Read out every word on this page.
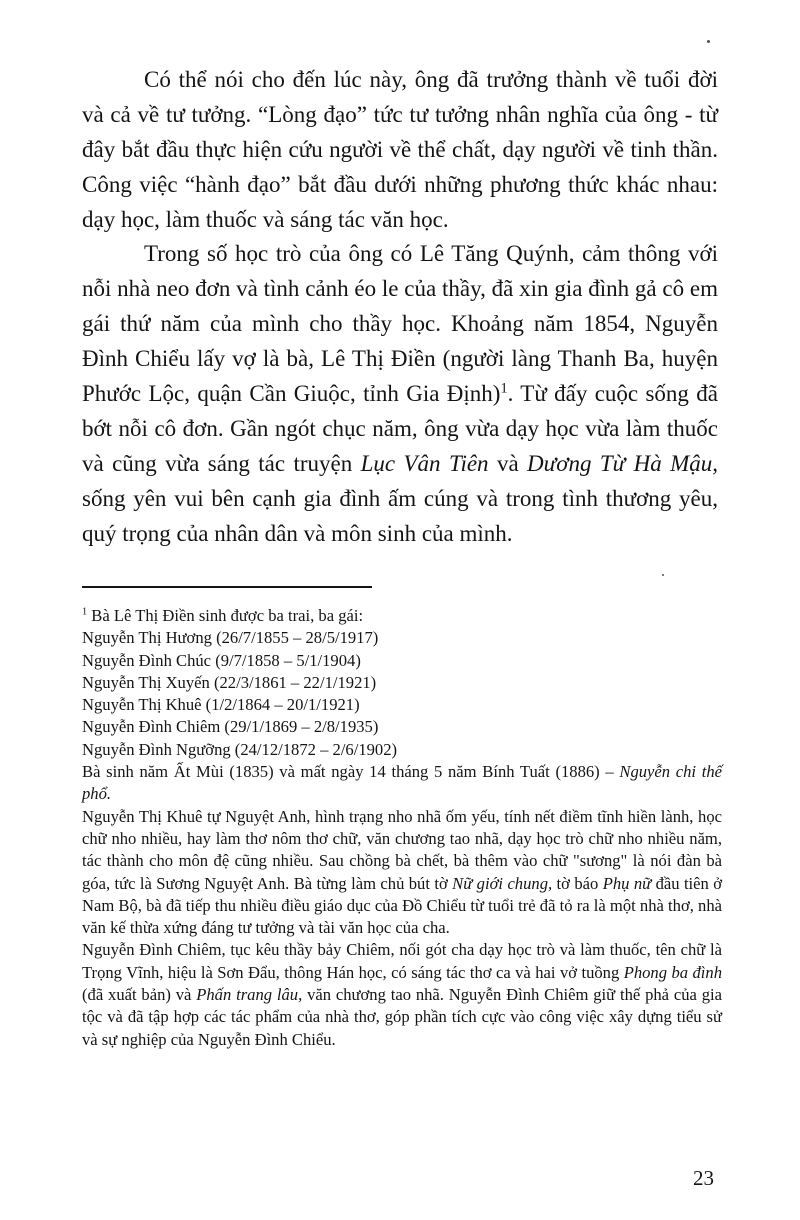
Có thể nói cho đến lúc này, ông đã trưởng thành về tuổi đời và cả về tư tưởng. “Lòng đạo” tức tư tưởng nhân nghĩa của ông - từ đây bắt đầu thực hiện cứu người về thể chất, dạy người về tinh thần. Công việc “hành đạo” bắt đầu dưới những phương thức khác nhau: dạy học, làm thuốc và sáng tác văn học.

Trong số học trò của ông có Lê Tăng Quýnh, cảm thông với nỗi nhà neo đơn và tình cảnh éo le của thầy, đã xin gia đình gả cô em gái thứ năm của mình cho thầy học. Khoảng năm 1854, Nguyễn Đình Chiểu lấy vợ là bà, Lê Thị Điền (người làng Thanh Ba, huyện Phước Lộc, quận Cần Giuộc, tỉnh Gia Định)$^1$. Từ đấy cuộc sống đã bớt nỗi cô đơn. Gần ngót chục năm, ông vừa dạy học vừa làm thuốc và cũng vừa sáng tác truyện Lục Vân Tiên và Dương Từ Hà Mậu, sống yên vui bên cạnh gia đình ấm cúng và trong tình thương yêu, quý trọng của nhân dân và môn sinh của mình.

$^1$ Bà Lê Thị Điền sinh được ba trai, ba gái:

Nguyễn Thị Hương (26/7/1855 – 28/5/1917)

Nguyễn Đình Chúc (9/7/1858 – 5/1/1904)

Nguyễn Thị Xuyến (22/3/1861 – 22/1/1921)

Nguyễn Thị Khuê (1/2/1864 – 20/1/1921)

Nguyễn Đình Chiêm (29/1/1869 – 2/8/1935)

Nguyễn Đình Ngưỡng (24/12/1872 – 2/6/1902)

Bà sinh năm Ất Mùi (1835) và mất ngày 14 tháng 5 năm Bính Tuất (1886) – Nguyễn chi thế phổ.

Nguyễn Thị Khuê tự Nguyệt Anh, hình trạng nho nhã ốm yếu, tính nết điềm tĩnh hiền lành, học chữ nho nhiều, hay làm thơ nôm thơ chữ, văn chương tao nhã, dạy học trò chữ nho nhiều năm, tác thành cho môn đệ cũng nhiều. Sau chồng bà chết, bà thêm vào chữ "sương" là nói đàn bà góa, tức là Sương Nguyệt Anh. Bà từng làm chủ bút tờ Nữ giới chung, tờ báo Phụ nữ đầu tiên ở Nam Bộ, bà đã tiếp thu nhiều điều giáo dục của Đồ Chiểu từ tuổi trẻ đã tỏ ra là một nhà thơ, nhà văn kế thừa xứng đáng tư tưởng và tài văn học của cha.

Nguyễn Đình Chiêm, tục kêu thầy bảy Chiêm, nối gót cha dạy học trò và làm thuốc, tên chữ là Trọng Vĩnh, hiệu là Sơn Đẩu, thông Hán học, có sáng tác thơ ca và hai vở tuồng Phong ba đình (đã xuất bản) và Phấn trang lâu, văn chương tao nhã. Nguyễn Đình Chiêm giữ thế phả của gia tộc và đã tập hợp các tác phẩm của nhà thơ, góp phần tích cực vào công việc xây dựng tiểu sử và sự nghiệp của Nguyễn Đình Chiểu.

23
